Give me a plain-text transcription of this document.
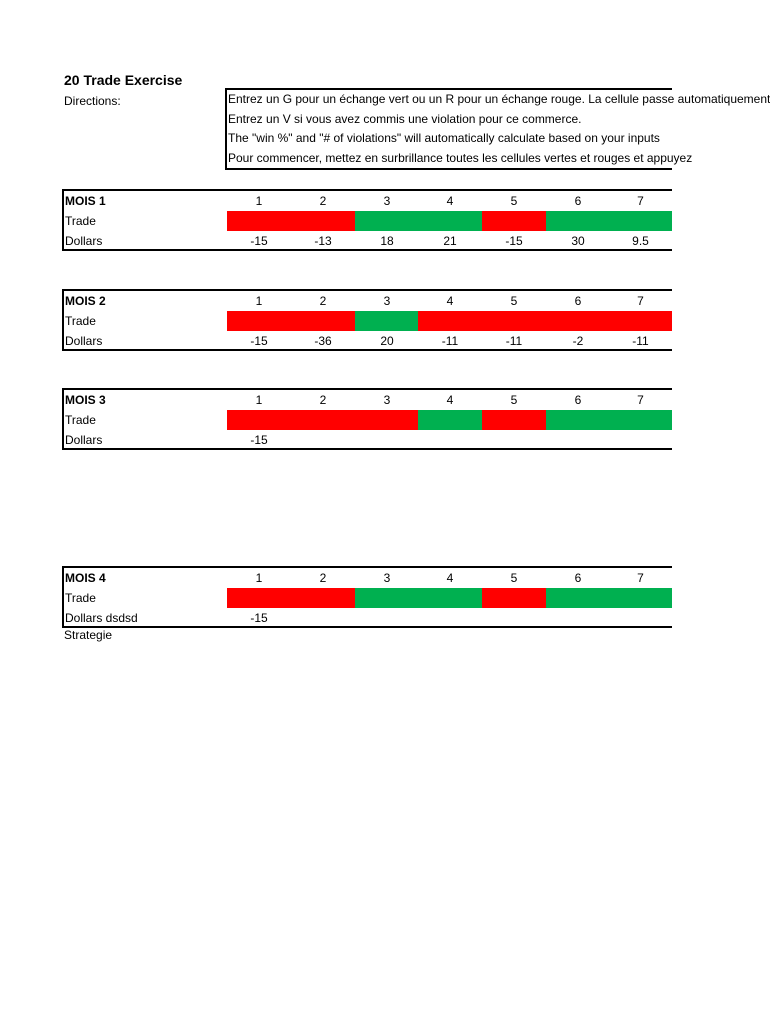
20 Trade Exercise
Directions:	Entrez un G pour un échange vert ou un R pour un échange rouge. La cellule passe automatiquement
Entrez un V si vous avez commis une violation pour ce commerce.
The "win %" and "# of violations" will automatically calculate based on your inputs
Pour commencer, mettez en surbrillance toutes les cellules vertes et rouges et appuyez
MOIS 1	1	2	3	4	5	6	7
Trade
Dollars	-15	-13	18	21	-15	30	9.5
MOIS 2	1	2	3	4	5	6	7
Trade
Dollars	-15	-36	20	-11	-11	-2	-11
MOIS 3	1	2	3	4	5	6	7
Trade
Dollars	-15
MOIS 4	1	2	3	4	5	6	7
Trade
Dollars dsdsd	-15
Strategie
